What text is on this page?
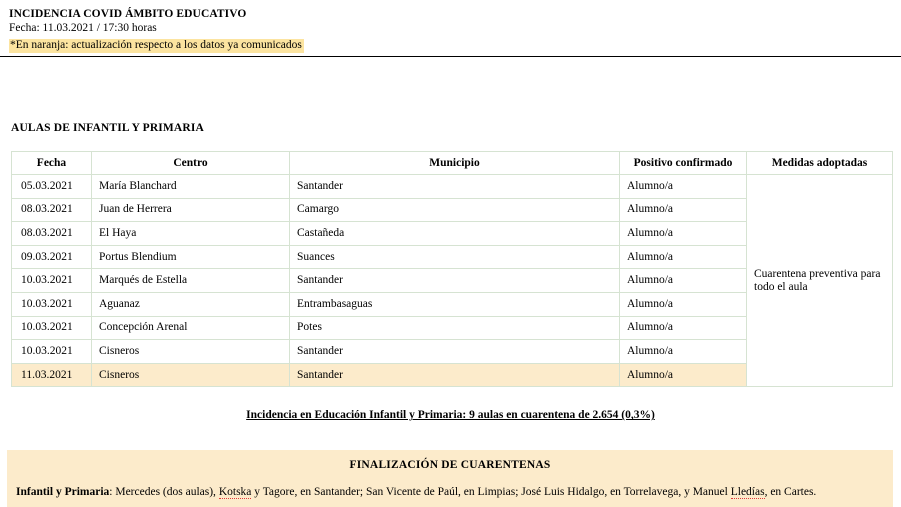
INCIDENCIA COVID ÁMBITO EDUCATIVO
Fecha: 11.03.2021 / 17:30 horas
*En naranja: actualización respecto a los datos ya comunicados
AULAS DE INFANTIL Y PRIMARIA
Fecha	Centro	Municipio	Positivo confirmado	Medidas adoptadas
05.03.2021	María Blanchard	Santander	Alumno/a	Cuarentena preventiva para todo el aula
08.03.2021	Juan de Herrera	Camargo	Alumno/a	
08.03.2021	El Haya	Castañeda	Alumno/a	
09.03.2021	Portus Blendium	Suances	Alumno/a	
10.03.2021	Marqués de Estella	Santander	Alumno/a	
10.03.2021	Aguanaz	Entrambasaguas	Alumno/a	
10.03.2021	Concepción Arenal	Potes	Alumno/a	
10.03.2021	Cisneros	Santander	Alumno/a	
11.03.2021	Cisneros	Santander	Alumno/a	
Incidencia en Educación Infantil y Primaria: 9 aulas en cuarentena de 2.654 (0,3%)
FINALIZACIÓN DE CUARENTENAS
Infantil y Primaria: Mercedes (dos aulas), Kotska y Tagore, en Santander; San Vicente de Paúl, en Limpias; José Luis Hidalgo, en Torrelavega, y Manuel Lledías, en Cartes.
